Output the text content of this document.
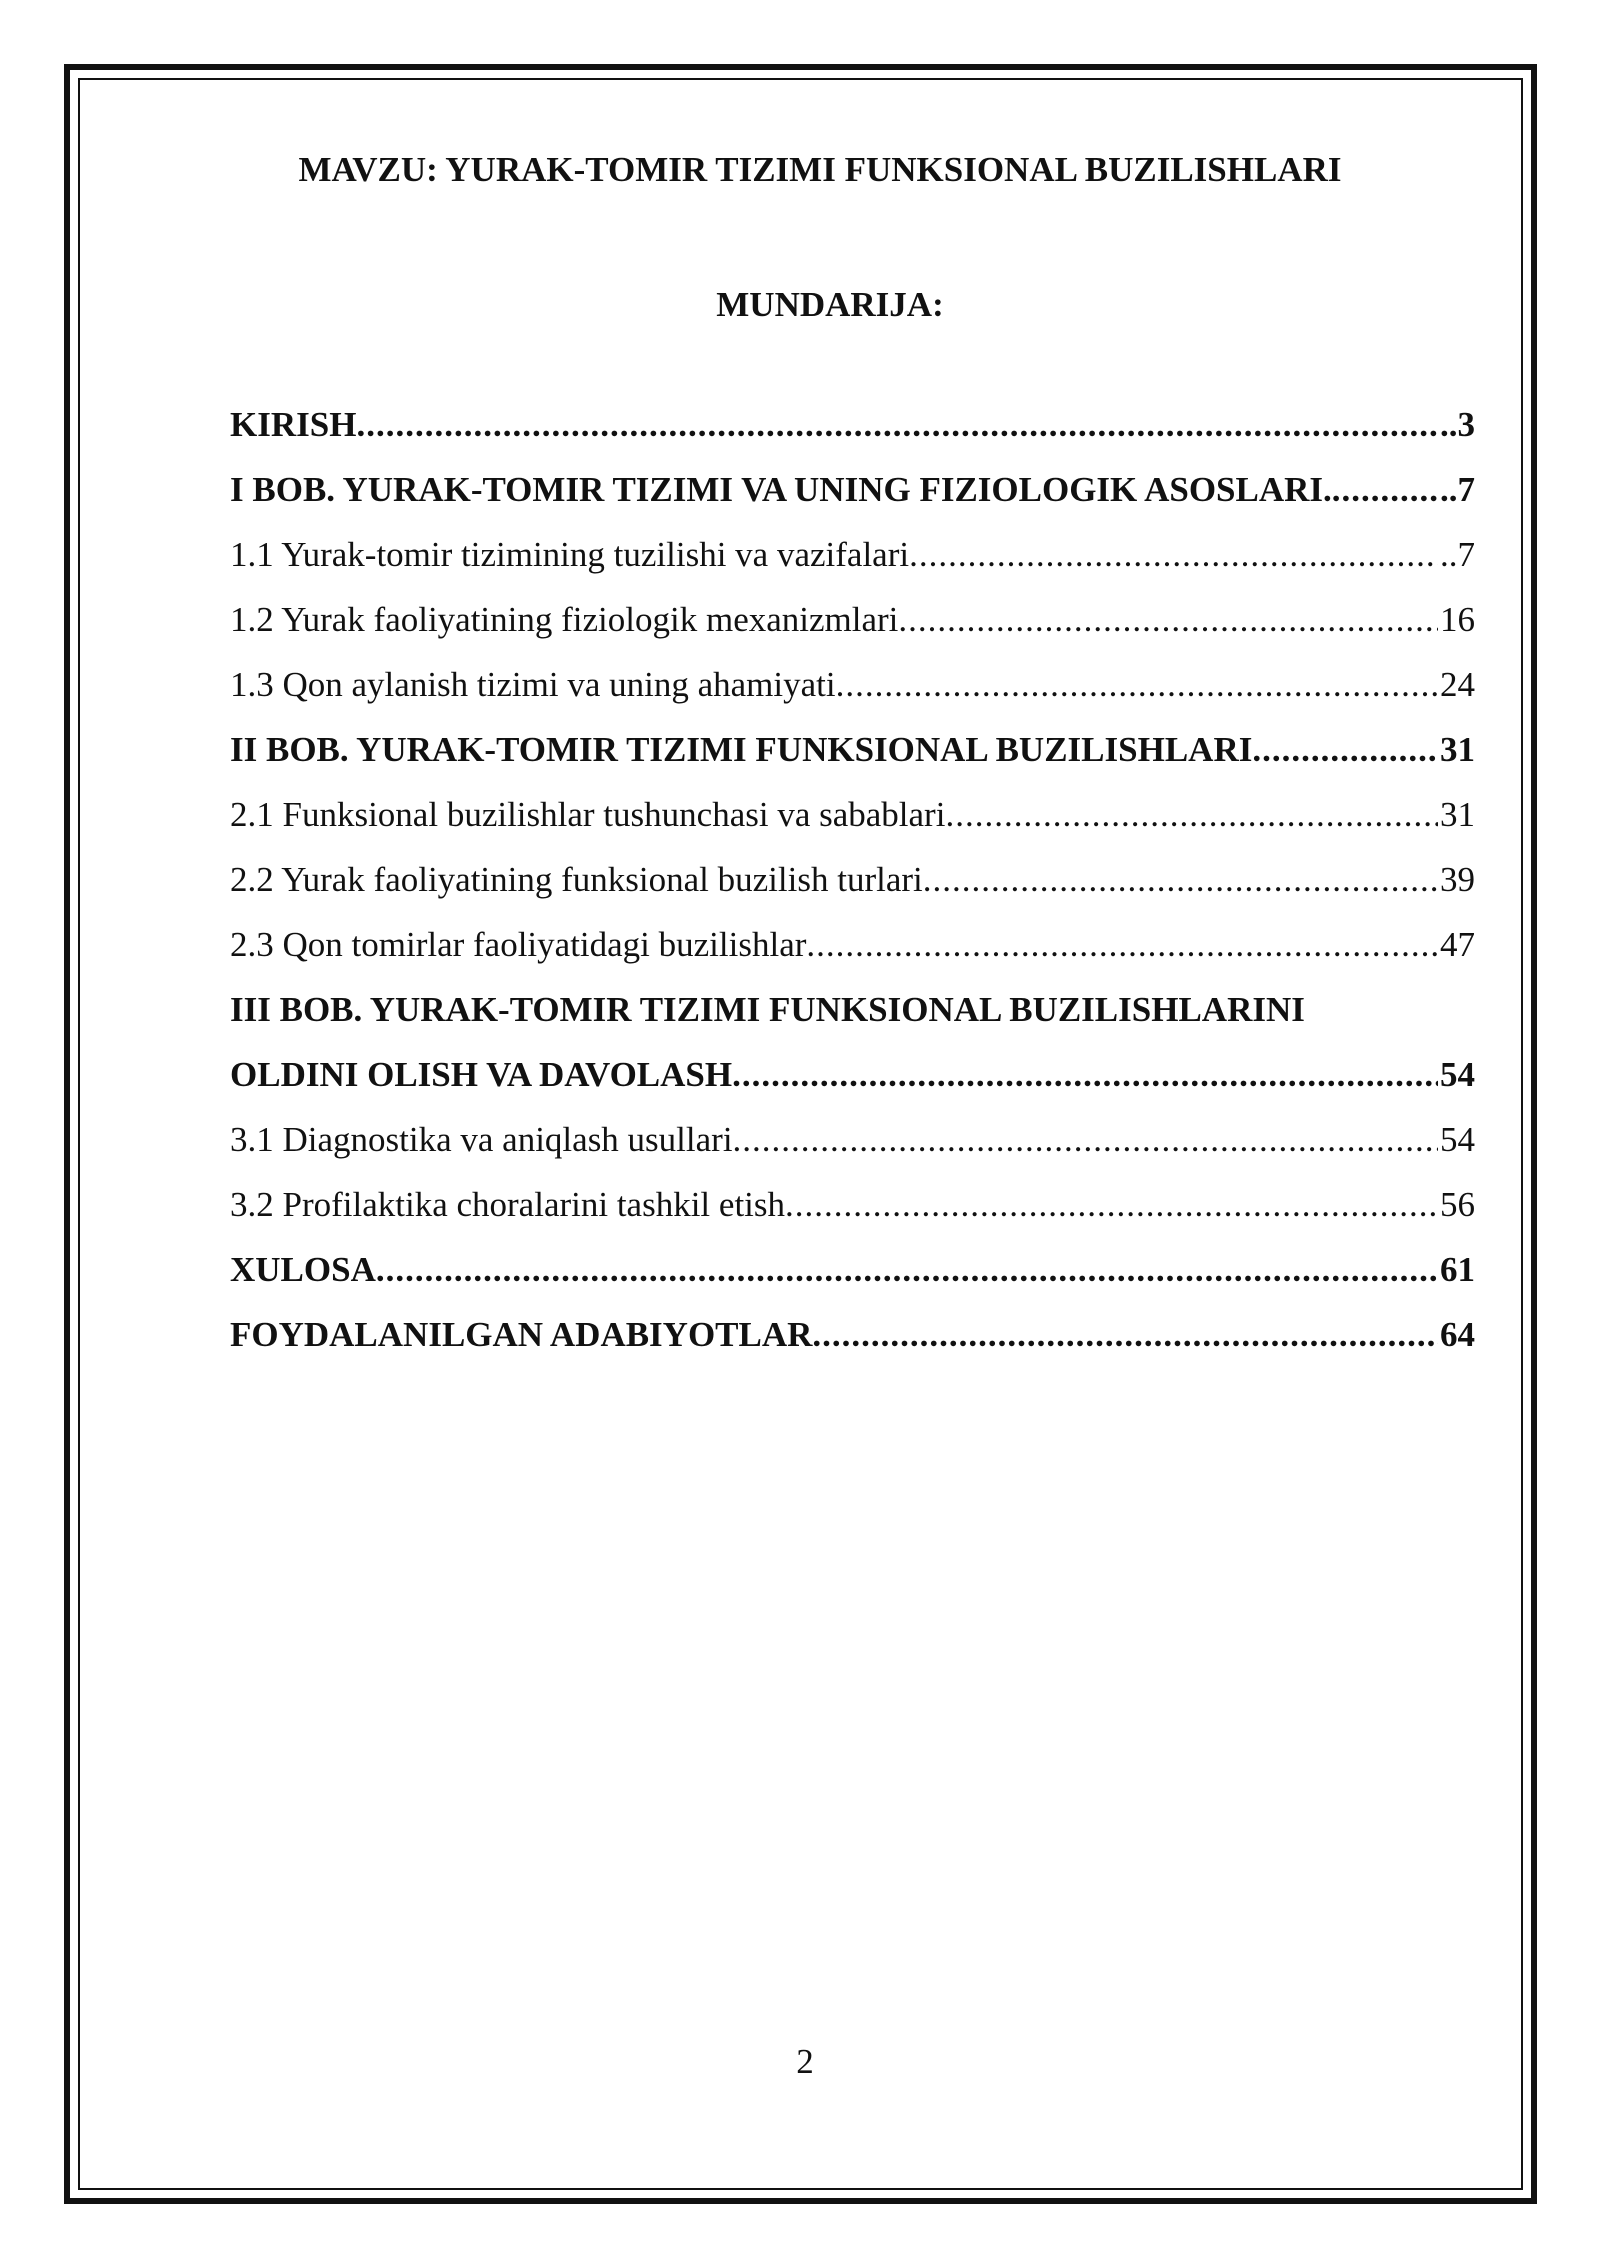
MAVZU: YURAK-TOMIR TIZIMI FUNKSIONAL BUZILISHLARI
MUNDARIJA:
KIRISH .....	..3
I BOB. YURAK-TOMIR TIZIMI VA UNING FIZIOLOGIK ASOSLARI. .....	..7
1.1 Yurak-tomir tizimining tuzilishi va vazifalari .....	..7
1.2 Yurak faoliyatining fiziologik mexanizmlari .....	16
1.3 Qon aylanish tizimi va uning ahamiyati .....	24
II BOB. YURAK-TOMIR TIZIMI FUNKSIONAL BUZILISHLARI .....	31
2.1 Funksional buzilishlar tushunchasi va sabablari .....	31
2.2 Yurak faoliyatining funksional buzilish turlari .....	39
2.3 Qon tomirlar faoliyatidagi buzilishlar .....	47
III BOB. YURAK-TOMIR TIZIMI FUNKSIONAL BUZILISHLARINI
OLDINI OLISH VA DAVOLASH .....	54
3.1 Diagnostika va aniqlash usullari .....	54
3.2 Profilaktika choralarini tashkil etish .....	56
XULOSA .....	61
FOYDALANILGAN ADABIYOTLAR .....	64
2
